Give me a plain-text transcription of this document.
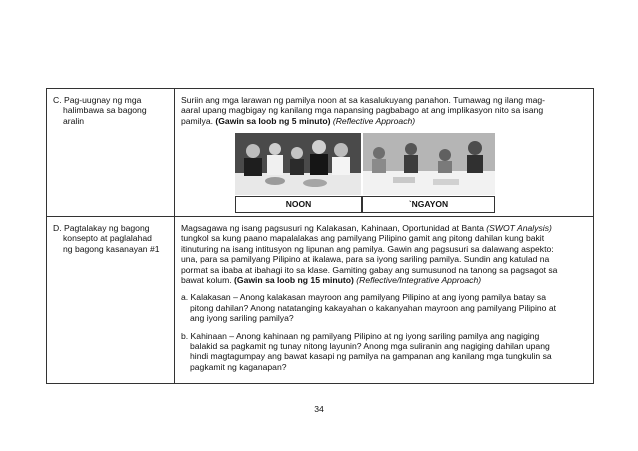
C. Pag-uugnay ng mga
halimbawa sa bagong
aralin
Suriin ang mga larawan ng pamilya noon at sa kasalukuyang panahon. Tumawag ng ilang mag-
aaral upang magbigay ng kanilang mga napansing pagbabago at ang implikasyon nito sa isang
pamilya. (Gawin sa loob ng 5 minuto) (Reflective Approach)
NOON	`NGAYON
D. Pagtalakay ng bagong
konsepto at paglalahad
ng bagong kasanayan #1
Magsagawa ng isang pagsusuri ng Kalakasan, Kahinaan, Oportunidad at Banta (SWOT Analysis)
tungkol sa kung paano mapalalakas ang pamilyang Pilipino gamit ang pitong dahilan kung bakit
itinuturing na isang intitusyon ng lipunan ang pamilya. Gawin ang pagsusuri sa dalawang aspekto:
una, para sa pamilyang Pilipino at ikalawa, para sa iyong sariling pamilya. Sundin ang katulad na
pormat sa ibaba at ibahagi ito sa klase. Gamiting gabay ang sumusunod na tanong sa pagsagot sa
bawat kolum. (Gawin sa loob ng 15 minuto) (Reflective/Integrative Approach)
a. Kalakasan – Anong kalakasan mayroon ang pamilyang Pilipino at ang iyong pamilya batay sa
pitong dahilan? Anong natatanging kakayahan o kakanyahan mayroon ang pamilyang Pilipino at
ang iyong sariling pamilya?
b. Kahinaan – Anong kahinaan ng pamilyang Pilipino at ng iyong sariling pamilya ang nagiging
balakid sa pagkamit ng tunay nitong layunin? Anong mga suliranin ang nagiging dahilan upang
hindi magtagumpay ang bawat kasapi ng pamilya na gampanan ang kanilang mga tungkulin sa
pagkamit ng kaganapan?
34
